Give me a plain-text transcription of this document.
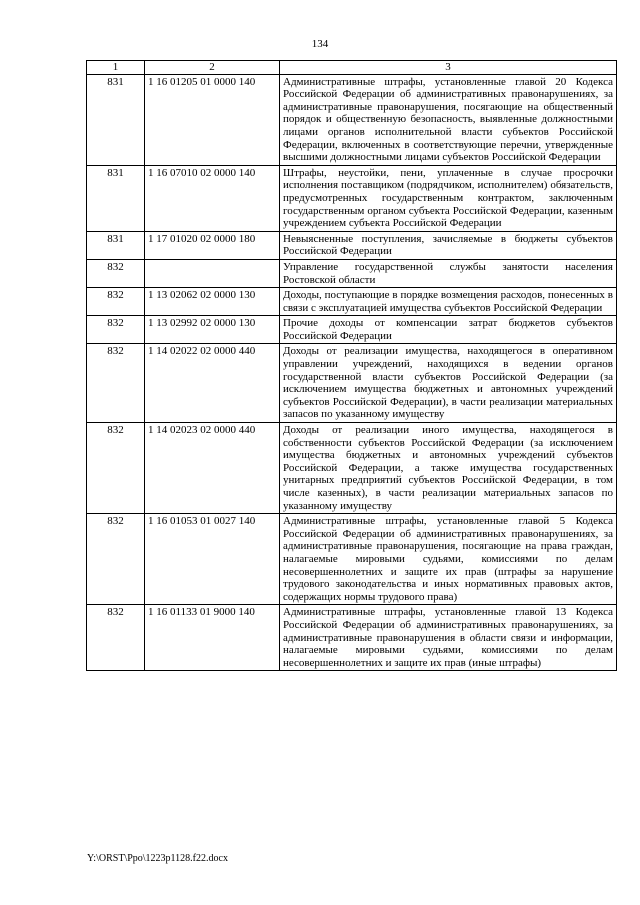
134
1	2	3
831	1 16 01205 01 0000 140	Административные штрафы, установленные главой 20 Кодекса Российской Федерации об административных правонарушениях, за административные правонарушения, посягающие на общественный порядок и общественную безопасность, выявленные должностными лицами органов исполнительной власти субъектов Российской Федерации, включенных в соответствующие перечни, утвержденные высшими должностными лицами субъектов Российской Федерации
831	1 16 07010 02 0000 140	Штрафы, неустойки, пени, уплаченные в случае просрочки исполнения поставщиком (подрядчиком, исполнителем) обязательств, предусмотренных государственным контрактом, заключенным государственным органом субъекта Российской Федерации, казенным учреждением субъекта Российской Федерации
831	1 17 01020 02 0000 180	Невыясненные поступления, зачисляемые в бюджеты субъектов Российской Федерации
832		Управление государственной службы занятости населения Ростовской области
832	1 13 02062 02 0000 130	Доходы, поступающие в порядке возмещения расходов, понесенных в связи с эксплуатацией имущества субъектов Российской Федерации
832	1 13 02992 02 0000 130	Прочие доходы от компенсации затрат бюджетов субъектов Российской Федерации
832	1 14 02022 02 0000 440	Доходы от реализации имущества, находящегося в оперативном управлении учреждений, находящихся в ведении органов государственной власти субъектов Российской Федерации (за исключением имущества бюджетных и автономных учреждений субъектов Российской Федерации), в части реализации материальных запасов по указанному имуществу
832	1 14 02023 02 0000 440	Доходы от реализации иного имущества, находящегося в собственности субъектов Российской Федерации (за исключением имущества бюджетных и автономных учреждений субъектов Российской Федерации, а также имущества государственных унитарных предприятий субъектов Российской Федерации, в том числе казенных), в части реализации материальных запасов по указанному имуществу
832	1 16 01053 01 0027 140	Административные штрафы, установленные главой 5 Кодекса Российской Федерации об административных правонарушениях, за административные правонарушения, посягающие на права граждан, налагаемые мировыми судьями, комиссиями по делам несовершеннолетних и защите их прав (штрафы за нарушение трудового законодательства и иных нормативных правовых актов, содержащих нормы трудового права)
832	1 16 01133 01 9000 140	Административные штрафы, установленные главой 13 Кодекса Российской Федерации об административных правонарушениях, за административные правонарушения в области связи и информации, налагаемые мировыми судьями, комиссиями по делам несовершеннолетних и защите их прав (иные штрафы)
Y:\ORST\Ppo\1223p1128.f22.docx
